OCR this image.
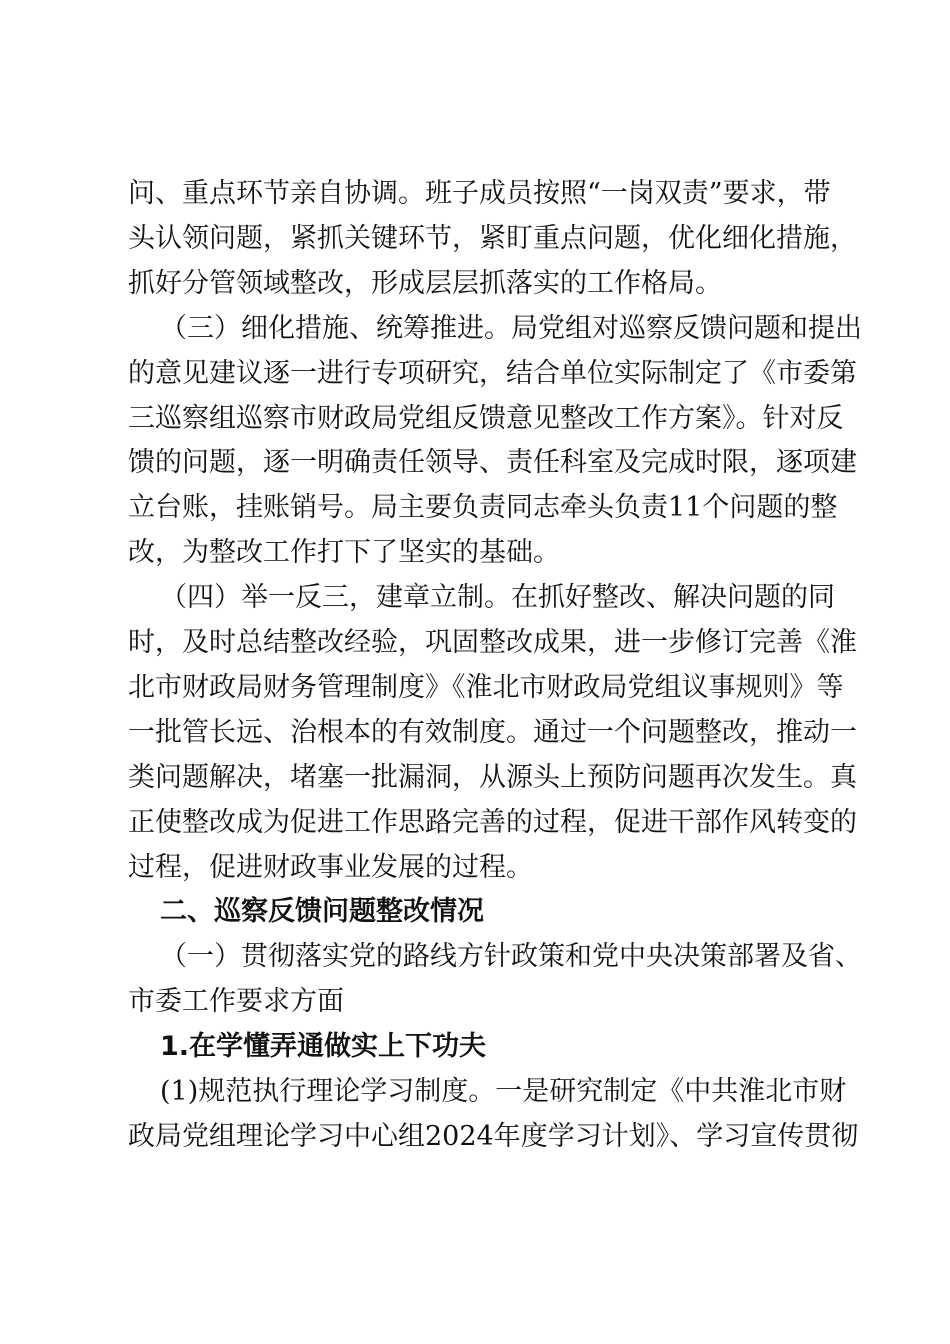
问、重点环节亲自协调。班子成员按照“一岗双责”要求，带
头认领问题，紧抓关键环节，紧盯重点问题，优化细化措施，
抓好分管领域整改，形成层层抓落实的工作格局。
（三）细化措施、统筹推进。局党组对巡察反馈问题和提出
的意见建议逐一进行专项研究，结合单位实际制定了《市委第
三巡察组巡察市财政局党组反馈意见整改工作方案》。针对反
馈的问题，逐一明确责任领导、责任科室及完成时限，逐项建
立台账，挂账销号。局主要负责同志牵头负责11个问题的整
改，为整改工作打下了坚实的基础。
（四）举一反三，建章立制。在抓好整改、解决问题的同
时，及时总结整改经验，巩固整改成果，进一步修订完善《淮
北市财政局财务管理制度》《淮北市财政局党组议事规则》等
一批管长远、治根本的有效制度。通过一个问题整改，推动一
类问题解决，堵塞一批漏洞，从源头上预防问题再次发生。真
正使整改成为促进工作思路完善的过程，促进干部作风转变的
过程，促进财政事业发展的过程。
二、巡察反馈问题整改情况
（一）贯彻落实党的路线方针政策和党中央决策部署及省、
市委工作要求方面
1.在学懂弄通做实上下功夫
(1)规范执行理论学习制度。一是研究制定《中共淮北市财
政局党组理论学习中心组2024年度学习计划》、学习宣传贯彻
